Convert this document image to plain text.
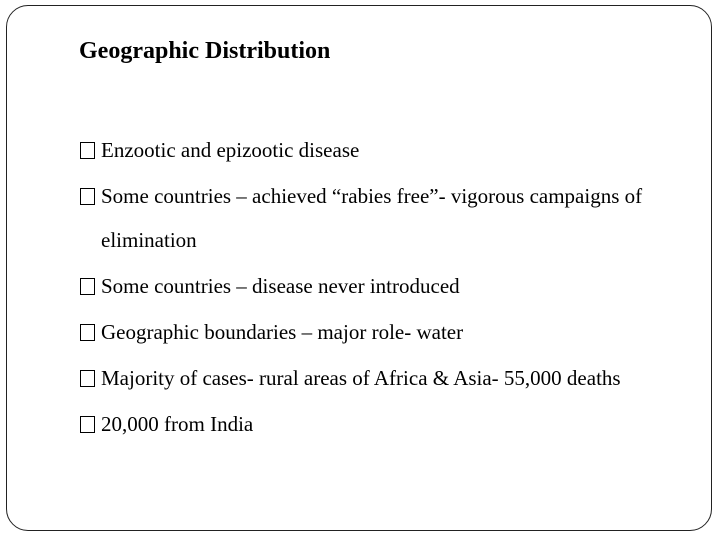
Geographic Distribution
Enzootic and epizootic disease
Some countries – achieved “rabies free”- vigorous campaigns of elimination
Some countries – disease never introduced
Geographic boundaries – major role- water
Majority of cases- rural areas of Africa & Asia- 55,000 deaths
20,000 from India
